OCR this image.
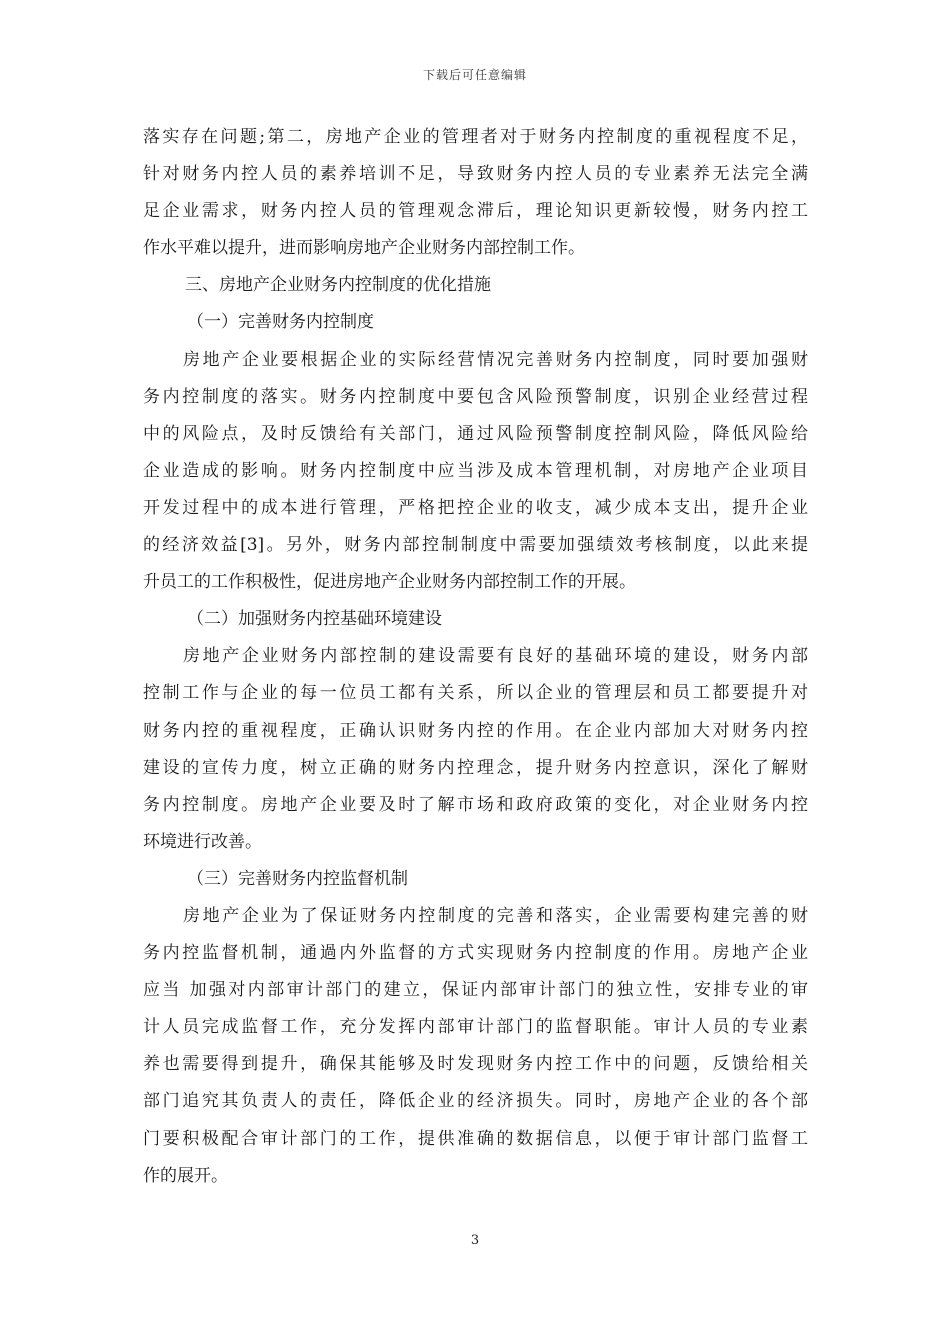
下载后可任意编辑
落实存在问题;第二，房地产企业的管理者对于财务内控制度的重视程度不足，
针对财务内控人员的素养培训不足，导致财务内控人员的专业素养无法完全满
足企业需求，财务内控人员的管理观念滞后，理论知识更新较慢，财务内控工
作水平难以提升，进而影响房地产企业财务内部控制工作。
三、房地产企业财务内控制度的优化措施
（一）完善财务内控制度
房地产企业要根据企业的实际经营情况完善财务内控制度，同时要加强财
务内控制度的落实。财务内控制度中要包含风险预警制度，识别企业经营过程
中的风险点，及时反馈给有关部门，通过风险预警制度控制风险，降低风险给
企业造成的影响。财务内控制度中应当涉及成本管理机制，对房地产企业项目
开发过程中的成本进行管理，严格把控企业的收支，减少成本支出，提升企业
的经济效益[3]。另外，财务内部控制制度中需要加强绩效考核制度，以此来提
升员工的工作积极性，促进房地产企业财务内部控制工作的开展。
（二）加强财务内控基础环境建设
房地产企业财务内部控制的建设需要有良好的基础环境的建设，财务内部
控制工作与企业的每一位员工都有关系，所以企业的管理层和员工都要提升对
财务内控的重视程度，正确认识财务内控的作用。在企业内部加大对财务内控
建设的宣传力度，树立正确的财务内控理念，提升财务内控意识，深化了解财
务内控制度。房地产企业要及时了解市场和政府政策的变化，对企业财务内控
环境进行改善。
（三）完善财务内控监督机制
房地产企业为了保证财务内控制度的完善和落实，企业需要构建完善的财
务内控监督机制，通過内外监督的方式实现财务内控制度的作用。房地产企业
应当 加强对内部审计部门的建立，保证内部审计部门的独立性，安排专业的审
计人员完成监督工作，充分发挥内部审计部门的监督职能。审计人员的专业素
养也需要得到提升，确保其能够及时发现财务内控工作中的问题，反馈给相关
部门追究其负责人的责任，降低企业的经济损失。同时，房地产企业的各个部
门要积极配合审计部门的工作，提供准确的数据信息，以便于审计部门监督工
作的展开。
3
